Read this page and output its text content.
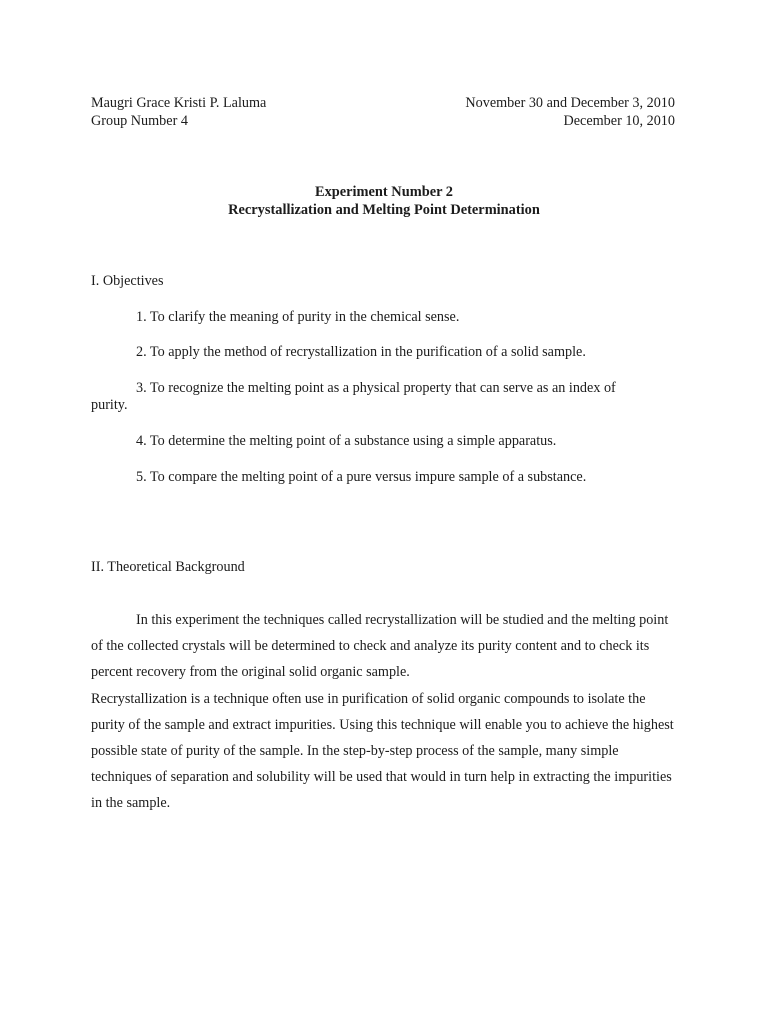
Maugri Grace Kristi P. Laluma
Group Number 4
November 30 and December 3, 2010
December 10, 2010
Experiment Number 2
Recrystallization and Melting Point Determination
I. Objectives
1. To clarify the meaning of purity in the chemical sense.
2. To apply the method of recrystallization in the purification of a solid sample.
3. To recognize the melting point as a physical property that can serve as an index of purity.
4. To determine the melting point of a substance using a simple apparatus.
5. To compare the melting point of a pure versus impure sample of a substance.
II. Theoretical Background

In this experiment the techniques called recrystallization will be studied and the melting point of the collected crystals will be determined to check and analyze its purity content and to check its percent recovery from the original solid organic sample.

Recrystallization is a technique often use in purification of solid organic compounds to isolate the purity of the sample and extract impurities. Using this technique will enable you to achieve the highest possible state of purity of the sample. In the step-by-step process of the sample, many simple techniques of separation and solubility will be used that would in turn help in extracting the impurities in the sample.
